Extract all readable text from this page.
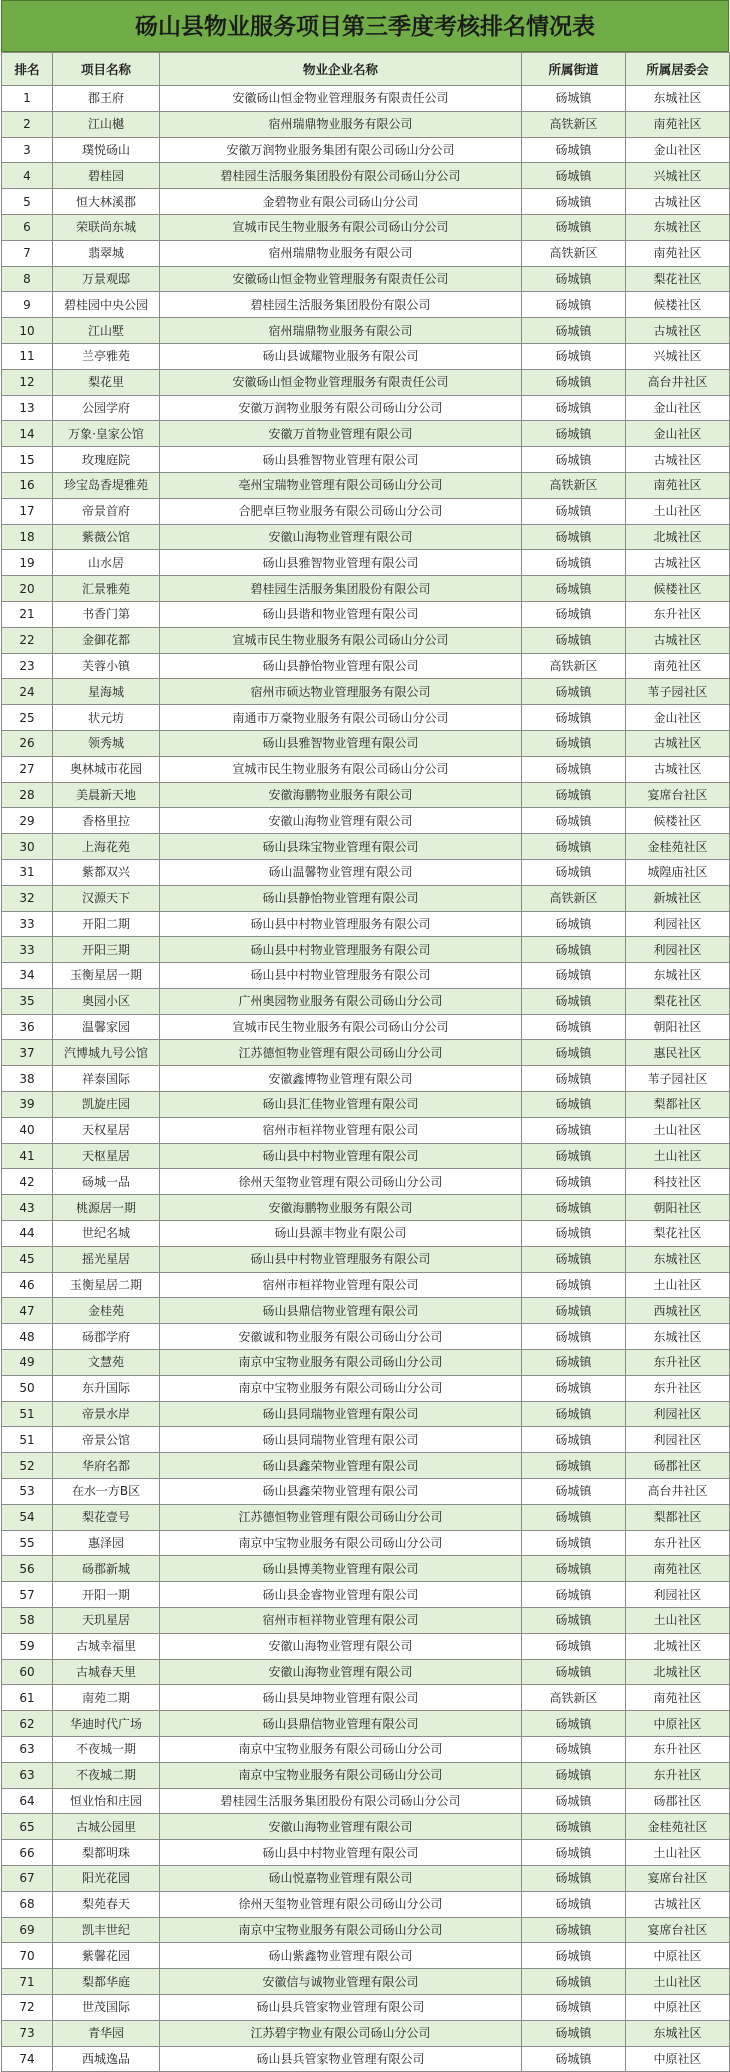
砀山县物业服务项目第三季度考核排名情况表
排名	项目名称	物业企业名称	所属街道	所属居委会
1	郡王府	安徽砀山恒金物业管理服务有限责任公司	砀城镇	东城社区
2	江山樾	宿州瑞鼎物业服务有限公司	高铁新区	南苑社区
3	璞悦砀山	安徽万润物业服务集团有限公司砀山分公司	砀城镇	金山社区
4	碧桂园	碧桂园生活服务集团股份有限公司砀山分公司	砀城镇	兴城社区
5	恒大林溪郡	金碧物业有限公司砀山分公司	砀城镇	古城社区
6	荣联尚东城	宣城市民生物业服务有限公司砀山分公司	砀城镇	东城社区
7	翡翠城	宿州瑞鼎物业服务有限公司	高铁新区	南苑社区
8	万景观邸	安徽砀山恒金物业管理服务有限责任公司	砀城镇	梨花社区
9	碧桂园中央公园	碧桂园生活服务集团股份有限公司	砀城镇	候楼社区
10	江山墅	宿州瑞鼎物业服务有限公司	砀城镇	古城社区
11	兰亭雅苑	砀山县诚耀物业服务有限公司	砀城镇	兴城社区
12	梨花里	安徽砀山恒金物业管理服务有限责任公司	砀城镇	高台井社区
13	公园学府	安徽万润物业服务有限公司砀山分公司	砀城镇	金山社区
14	万象·皇家公馆	安徽万首物业管理有限公司	砀城镇	金山社区
15	玫瑰庭院	砀山县雅智物业管理有限公司	砀城镇	古城社区
16	珍宝岛香堤雅苑	亳州宝瑞物业管理有限公司砀山分公司	高铁新区	南苑社区
17	帝景首府	合肥卓巨物业服务有限公司砀山分公司	砀城镇	土山社区
18	紫薇公馆	安徽山海物业管理有限公司	砀城镇	北城社区
19	山水居	砀山县雅智物业管理有限公司	砀城镇	古城社区
20	汇景雅苑	碧桂园生活服务集团股份有限公司	砀城镇	候楼社区
21	书香门第	砀山县谐和物业管理有限公司	砀城镇	东升社区
22	金御花都	宣城市民生物业服务有限公司砀山分公司	砀城镇	古城社区
23	芙蓉小镇	砀山县静怡物业管理有限公司	高铁新区	南苑社区
24	星海城	宿州市硕达物业管理服务有限公司	砀城镇	苇子园社区
25	状元坊	南通市万豪物业服务有限公司砀山分公司	砀城镇	金山社区
26	领秀城	砀山县雅智物业管理有限公司	砀城镇	古城社区
27	奥林城市花园	宣城市民生物业服务有限公司砀山分公司	砀城镇	古城社区
28	美晨新天地	安徽海鹏物业服务有限公司	砀城镇	宴席台社区
29	香格里拉	安徽山海物业管理有限公司	砀城镇	候楼社区
30	上海花苑	砀山县珠宝物业管理有限公司	砀城镇	金桂苑社区
31	紫都双兴	砀山温馨物业管理有限公司	砀城镇	城隍庙社区
32	汉源天下	砀山县静怡物业管理有限公司	高铁新区	新城社区
33	开阳二期	砀山县中村物业管理服务有限公司	砀城镇	利园社区
33	开阳三期	砀山县中村物业管理服务有限公司	砀城镇	利园社区
34	玉衡星居一期	砀山县中村物业管理服务有限公司	砀城镇	东城社区
35	奥园小区	广州奥园物业服务有限公司砀山分公司	砀城镇	梨花社区
36	温馨家园	宣城市民生物业服务有限公司砀山分公司	砀城镇	朝阳社区
37	汽博城九号公馆	江苏德恒物业管理有限公司砀山分公司	砀城镇	惠民社区
38	祥泰国际	安徽鑫博物业管理有限公司	砀城镇	苇子园社区
39	凯旋庄园	砀山县汇佳物业管理有限公司	砀城镇	梨都社区
40	天权星居	宿州市桓祥物业管理有限公司	砀城镇	土山社区
41	天枢星居	砀山县中村物业管理有限公司	砀城镇	土山社区
42	砀城一品	徐州天玺物业管理有限公司砀山分公司	砀城镇	科技社区
43	桃源居一期	安徽海鹏物业服务有限公司	砀城镇	朝阳社区
44	世纪名城	砀山县源丰物业有限公司	砀城镇	梨花社区
45	摇光星居	砀山县中村物业管理服务有限公司	砀城镇	东城社区
46	玉衡星居二期	宿州市桓祥物业管理有限公司	砀城镇	土山社区
47	金桂苑	砀山县鼎信物业管理有限公司	砀城镇	西城社区
48	砀郡学府	安徽诚和物业服务有限公司砀山分公司	砀城镇	东城社区
49	文慧苑	南京中宝物业服务有限公司砀山分公司	砀城镇	东升社区
50	东升国际	南京中宝物业服务有限公司砀山分公司	砀城镇	东升社区
51	帝景水岸	砀山县同瑞物业管理有限公司	砀城镇	利园社区
51	帝景公馆	砀山县同瑞物业管理有限公司	砀城镇	利园社区
52	华府名都	砀山县鑫荣物业管理有限公司	砀城镇	砀郡社区
53	在水一方B区	砀山县鑫荣物业管理有限公司	砀城镇	高台井社区
54	梨花壹号	江苏德恒物业管理有限公司砀山分公司	砀城镇	梨都社区
55	惠泽园	南京中宝物业服务有限公司砀山分公司	砀城镇	东升社区
56	砀郡新城	砀山县博美物业管理有限公司	砀城镇	南苑社区
57	开阳一期	砀山县金睿物业管理有限公司	砀城镇	利园社区
58	天玑星居	宿州市桓祥物业管理有限公司	砀城镇	土山社区
59	古城幸福里	安徽山海物业管理有限公司	砀城镇	北城社区
60	古城春天里	安徽山海物业管理有限公司	砀城镇	北城社区
61	南苑二期	砀山县昊坤物业管理有限公司	高铁新区	南苑社区
62	华迪时代广场	砀山县鼎信物业管理有限公司	砀城镇	中原社区
63	不夜城一期	南京中宝物业服务有限公司砀山分公司	砀城镇	东升社区
63	不夜城二期	南京中宝物业服务有限公司砀山分公司	砀城镇	东升社区
64	恒业怡和庄园	碧桂园生活服务集团股份有限公司砀山分公司	砀城镇	砀郡社区
65	古城公园里	安徽山海物业管理有限公司	砀城镇	金桂苑社区
66	梨都明珠	砀山县中村物业管理有限公司	砀城镇	土山社区
67	阳光花园	砀山悦嘉物业管理有限公司	砀城镇	宴席台社区
68	梨苑春天	徐州天玺物业管理有限公司砀山分公司	砀城镇	古城社区
69	凯丰世纪	南京中宝物业服务有限公司砀山分公司	砀城镇	宴席台社区
70	紫馨花园	砀山紫鑫物业管理有限公司	砀城镇	中原社区
71	梨都华庭	安徽信与诚物业管理有限公司	砀城镇	土山社区
72	世茂国际	砀山县兵管家物业管理有限公司	砀城镇	中原社区
73	青华园	江苏碧宇物业有限公司砀山分公司	砀城镇	东城社区
74	西城逸品	砀山县兵管家物业管理有限公司	砀城镇	中原社区
